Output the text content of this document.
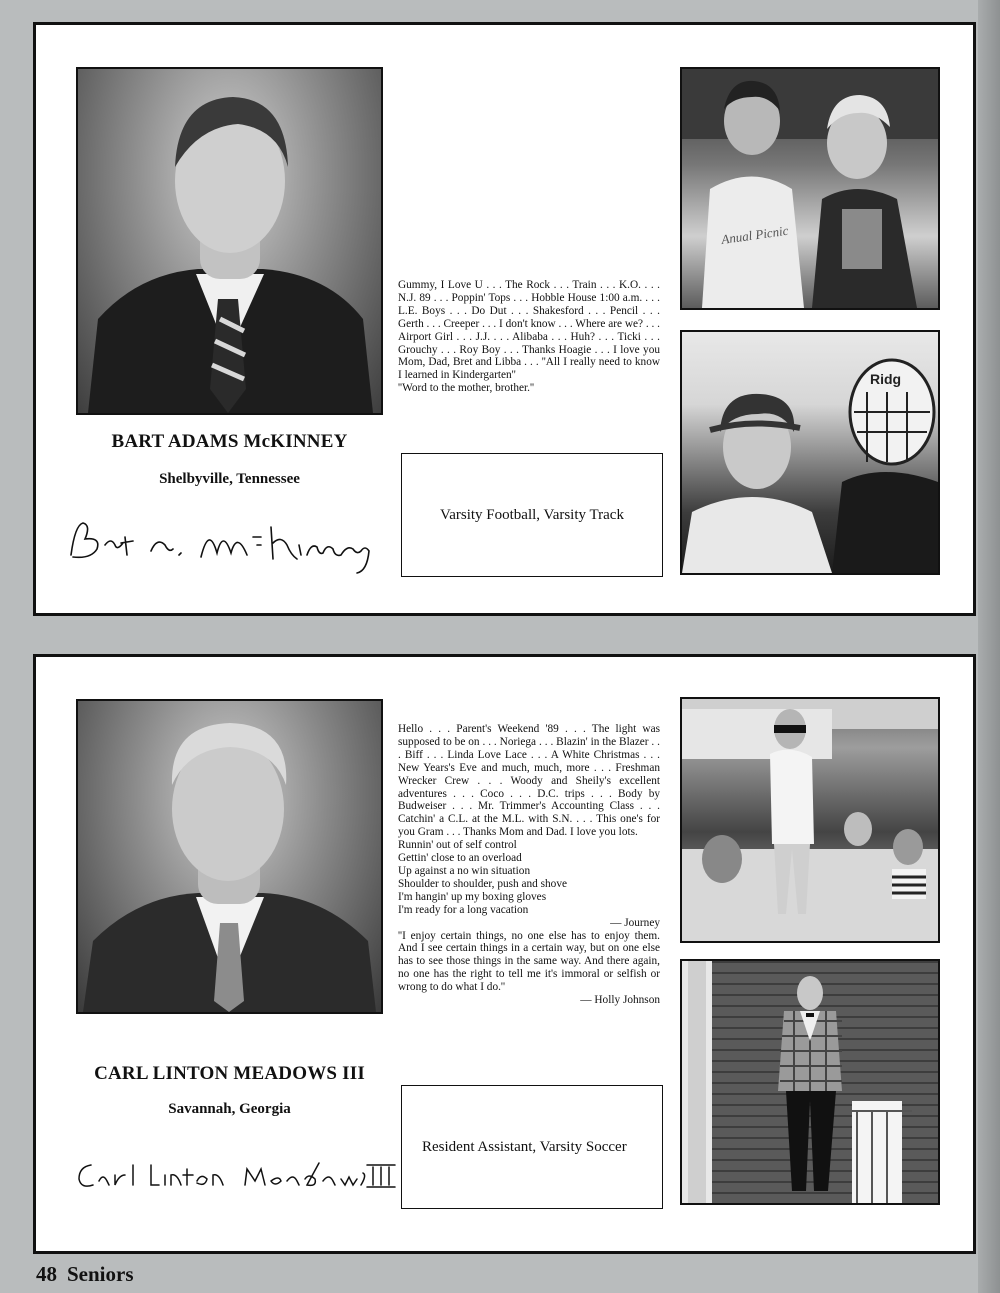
BART ADAMS McKINNEY
Shelbyville, Tennessee

Gummy, I Love U . . . The Rock . . . Train . . . K.O. . . . N.J. 89 . . . Poppin' Tops . . . Hobble House 1:00 a.m. . . . L.E. Boys . . . Do Dut . . . Shakesford . . . Pencil . . . Gerth . . . Creeper . . . I don't know . . . Where are we? . . . Airport Girl . . . J.J. . . . Alibaba . . . Huh? . . . Ticki . . . Grouchy . . . Roy Boy . . . Thanks Hoagie . . . I love you Mom, Dad, Bret and Libba . . . ''All I really need to know I learned in Kindergarten''

''Word to the mother, brother.''

Varsity Football, Varsity Track
Anual Picnic
Ridg
CARL LINTON MEADOWS III
Savannah, Georgia

Hello . . . Parent's Weekend '89 . . . The light was supposed to be on . . . Noriega . . . Blazin' in the Blazer . . . Biff . . . Linda Love Lace . . . A White Christmas . . . New Years's Eve and much, much, more . . . Freshman Wrecker Crew . . . Woody and Sheily's excellent adventures . . . Coco . . . D.C. trips . . . Body by Budweiser . . . Mr. Trimmer's Accounting Class . . . Catchin' a C.L. at the M.L. with S.N. . . . This one's for you Gram . . . Thanks Mom and Dad. I love you lots.

Runnin' out of self control

Gettin' close to an overload

Up against a no win situation

Shoulder to shoulder, push and shove

I'm hangin' up my boxing gloves

I'm ready for a long vacation

— Journey

''I enjoy certain things, no one else has to enjoy them. And I see certain things in a certain way, but on one else has to see those things in the same way. And there again, no one has the right to tell me it's immoral or selfish or wrong to do what I do.''

— Holly Johnson

Resident Assistant, Varsity Soccer
48 Seniors
